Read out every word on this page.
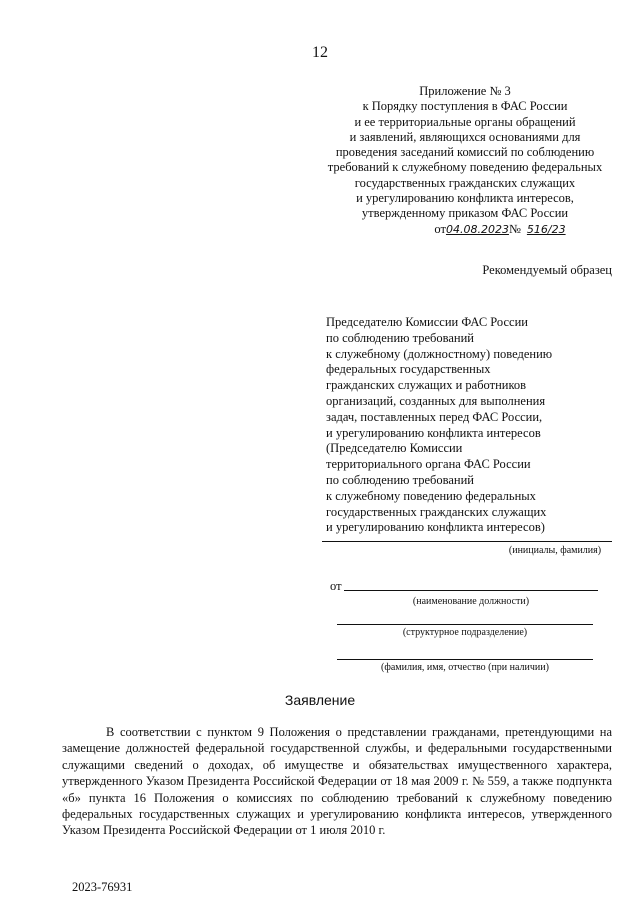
12
Приложение № 3
к Порядку поступления в ФАС России
и ее территориальные органы обращений
и заявлений, являющихся основаниями для
проведения заседаний комиссий по соблюдению
требований к служебному поведению федеральных
государственных гражданских служащих
и урегулированию конфликта интересов,
утвержденному приказом ФАС России
от04.08.2023№ 516/23
Рекомендуемый образец
Председателю Комиссии ФАС России
по соблюдению требований
к служебному (должностному) поведению
федеральных государственных
гражданских служащих и работников
организаций, созданных для выполнения
задач, поставленных перед ФАС России,
и урегулированию конфликта интересов
(Председателю Комиссии
территориального органа ФАС России
по соблюдению требований
к служебному поведению федеральных
государственных гражданских служащих
и урегулированию конфликта интересов)
(инициалы, фамилия)
от
(наименование должности)
(структурное подразделение)
(фамилия, имя, отчество (при наличии)
Заявление
В соответствии с пунктом 9 Положения о представлении гражданами, претендующими на замещение должностей федеральной государственной службы, и федеральными государственными служащими сведений о доходах, об имуществе и обязательствах имущественного характера, утвержденного Указом Президента Российской Федерации от 18 мая 2009 г. № 559, а также подпункта «б» пункта 16 Положения о комиссиях по соблюдению требований к служебному поведению федеральных государственных служащих и урегулированию конфликта интересов, утвержденного Указом Президента Российской Федерации от 1 июля 2010 г.
2023-76931
